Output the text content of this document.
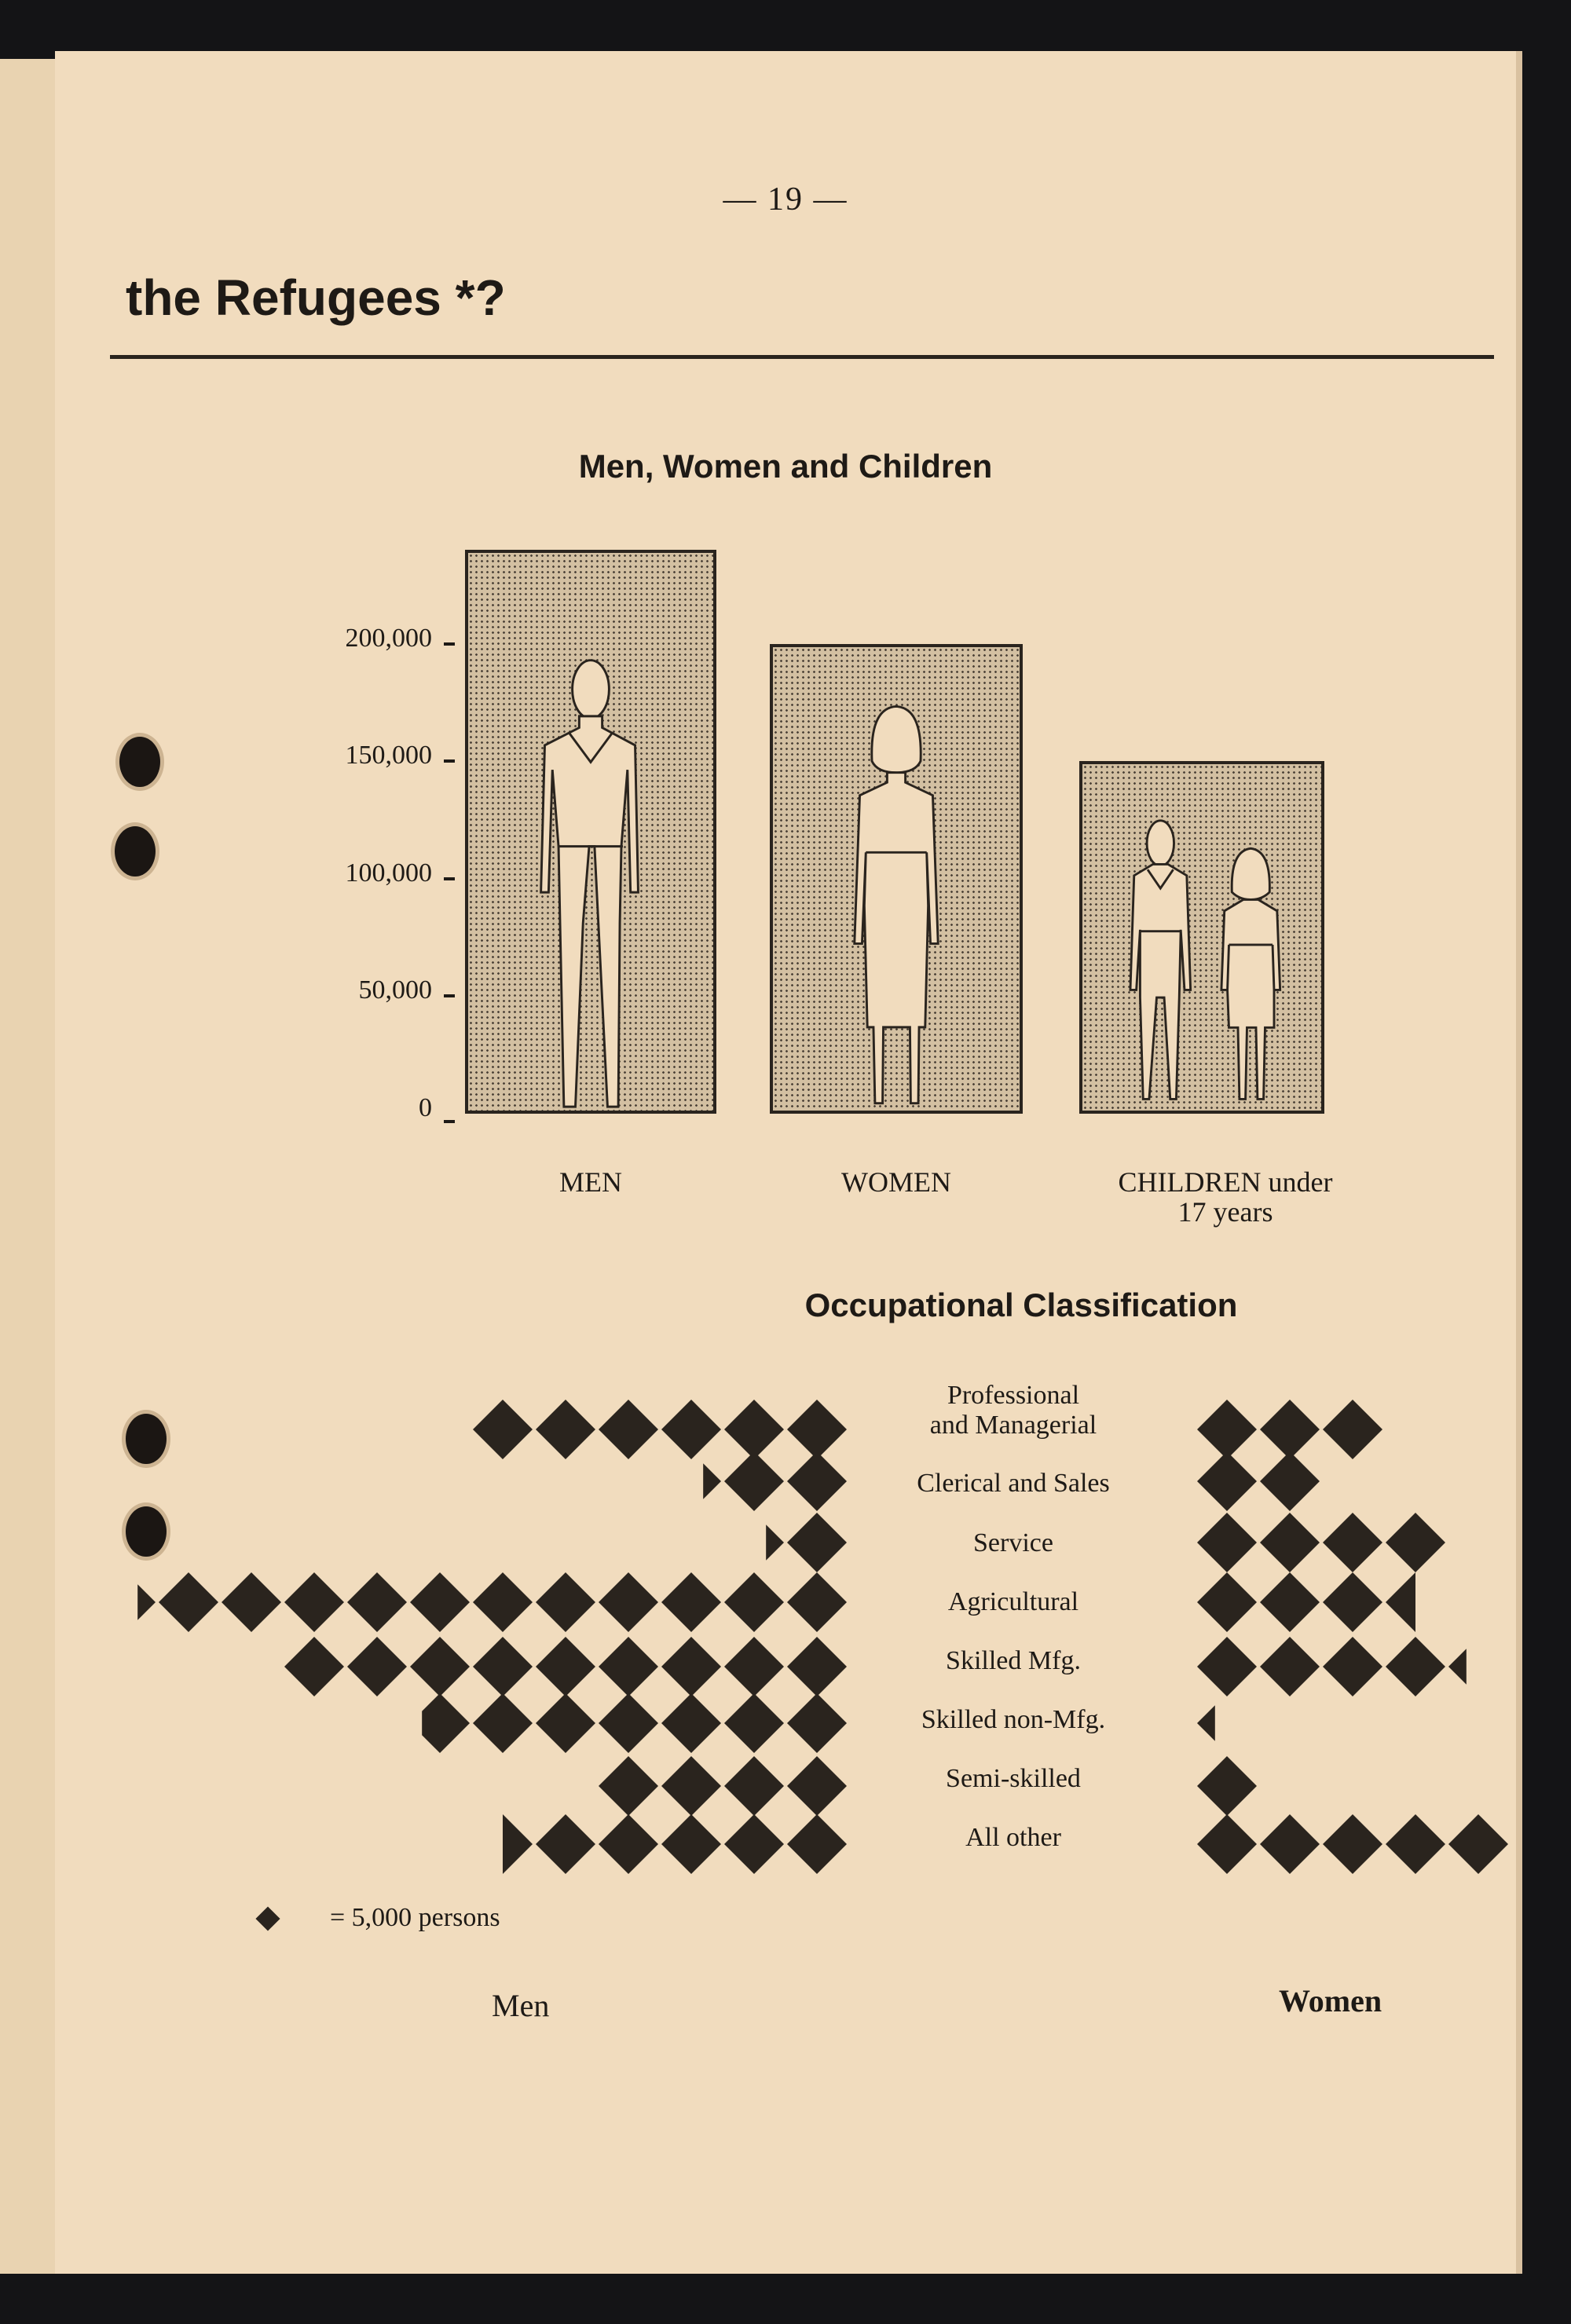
— 19 —
the Refugees *?
Men, Women and Children
0
50,000
100,000
150,000
200,000
MEN	WOMEN	CHILDREN under
17 years
Occupational Classification
Professional
and Managerial
Clerical and Sales
Service
Agricultural
Skilled Mfg.
Skilled non-Mfg.
Semi-skilled
All other
= 5,000 persons
Men	Women
